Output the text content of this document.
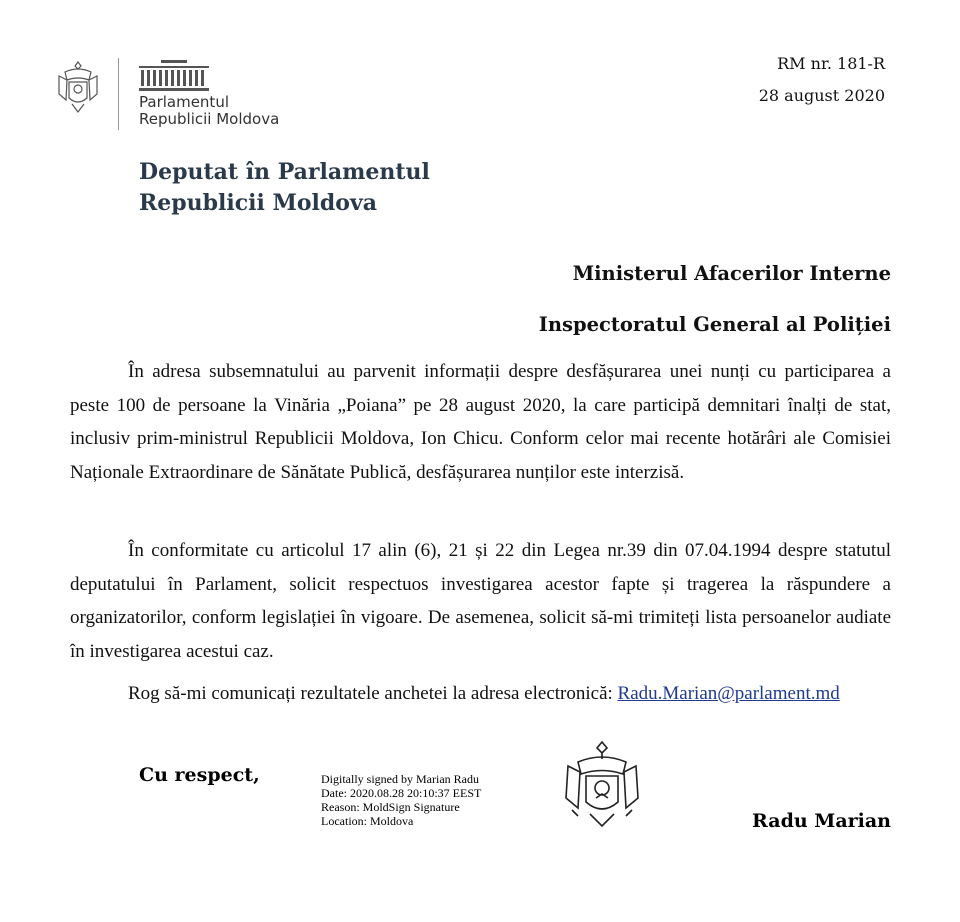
Parlamentul
Republicii Moldova
RM nr. 181-R
28 august 2020
Deputat în Parlamentul
Republicii Moldova
Ministerul Afacerilor Interne
Inspectoratul General al Poliției
În adresa subsemnatului au parvenit informații despre desfășurarea unei nunți cu participarea a peste 100 de persoane la Vinăria „Poiana” pe 28 august 2020, la care participă demnitari înalți de stat, inclusiv prim-ministrul Republicii Moldova, Ion Chicu. Conform celor mai recente hotărâri ale Comisiei Naționale Extraordinare de Sănătate Publică, desfășurarea nunților este interzisă.
În conformitate cu articolul 17 alin (6), 21 și 22 din Legea nr.39 din 07.04.1994 despre statutul deputatului în Parlament, solicit respectuos investigarea acestor fapte și tragerea la răspundere a organizatorilor, conform legislației în vigoare. De asemenea, solicit să-mi trimiteți lista persoanelor audiate în investigarea acestui caz.
Rog să-mi comunicați rezultatele anchetei la adresa electronică: Radu.Marian@parlament.md
Cu respect,	Digitally signed by Marian Radu
Date: 2020.08.28 20:10:37 EEST
Reason: MoldSign Signature
Location: Moldova	Radu Marian
